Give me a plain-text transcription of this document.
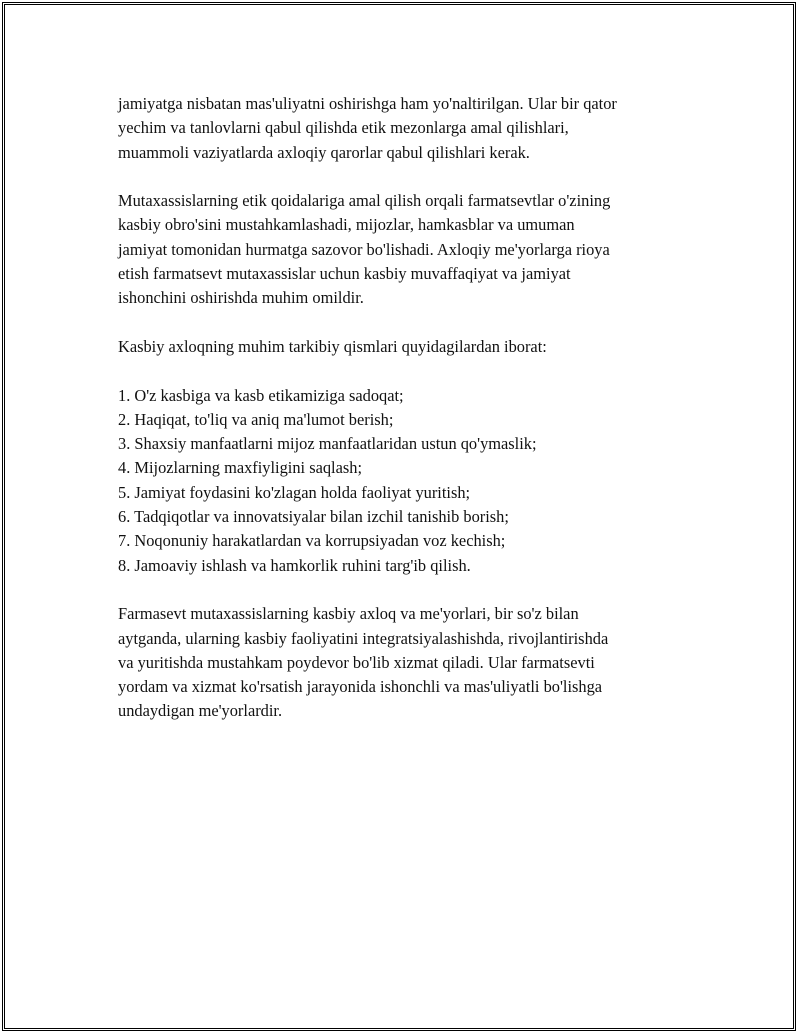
jamiyatga nisbatan mas'uliyatni oshirishga ham yo'naltirilgan. Ular bir qator
yechim va tanlovlarni qabul qilishda etik mezonlarga amal qilishlari,
muammoli vaziyatlarda axloqiy qarorlar qabul qilishlari kerak.

Mutaxassislarning etik qoidalariga amal qilish orqali farmatsevtlar o'zining
kasbiy obro'sini mustahkamlashadi, mijozlar, hamkasblar va umuman
jamiyat tomonidan hurmatga sazovor bo'lishadi. Axloqiy me'yorlarga rioya
etish farmatsevt mutaxassislar uchun kasbiy muvaffaqiyat va jamiyat
ishonchini oshirishda muhim omildir.

Kasbiy axloqning muhim tarkibiy qismlari quyidagilardan iborat:

1. O'z kasbiga va kasb etikamiziga sadoqat;
2. Haqiqat, to'liq va aniq ma'lumot berish;
3. Shaxsiy manfaatlarni mijoz manfaatlaridan ustun qo'ymaslik;
4. Mijozlarning maxfiyligini saqlash;
5. Jamiyat foydasini ko'zlagan holda faoliyat yuritish;
6. Tadqiqotlar va innovatsiyalar bilan izchil tanishib borish;
7. Noqonuniy harakatlardan va korrupsiyadan voz kechish;
8. Jamoaviy ishlash va hamkorlik ruhini targ'ib qilish.

Farmasevt mutaxassislarning kasbiy axloq va me'yorlari, bir so'z bilan
aytganda, ularning kasbiy faoliyatini integratsiyalashishda, rivojlantirishda
va yuritishda mustahkam poydevor bo'lib xizmat qiladi. Ular farmatsevti
yordam va xizmat ko'rsatish jarayonida ishonchli va mas'uliyatli bo'lishga
undaydigan me'yorlardir.
